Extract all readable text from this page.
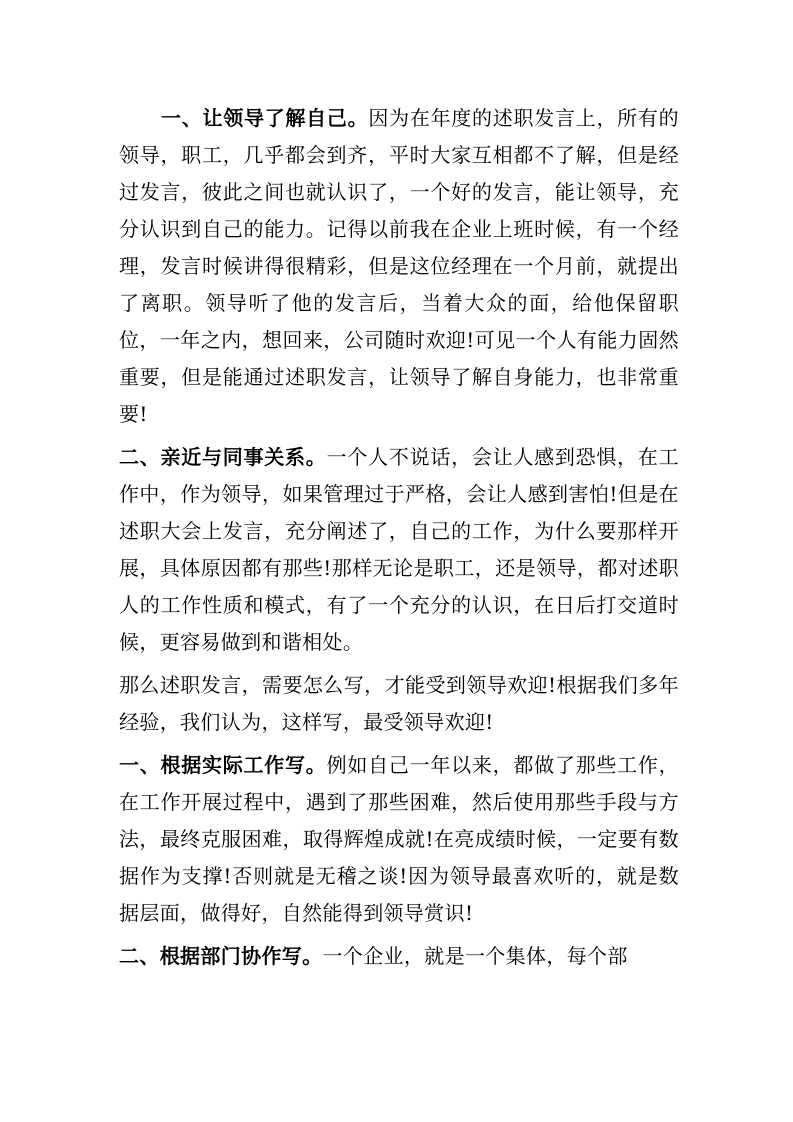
一、让领导了解自己。因为在年度的述职发言上，所有的领导，职工，几乎都会到齐，平时大家互相都不了解，但是经过发言，彼此之间也就认识了，一个好的发言，能让领导，充分认识到自己的能力。记得以前我在企业上班时候，有一个经理，发言时候讲得很精彩，但是这位经理在一个月前，就提出了离职。领导听了他的发言后，当着大众的面，给他保留职位，一年之内，想回来，公司随时欢迎!可见一个人有能力固然重要，但是能通过述职发言，让领导了解自身能力，也非常重要!

二、亲近与同事关系。一个人不说话，会让人感到恐惧，在工作中，作为领导，如果管理过于严格，会让人感到害怕!但是在述职大会上发言，充分阐述了，自己的工作，为什么要那样开展，具体原因都有那些!那样无论是职工，还是领导，都对述职人的工作性质和模式，有了一个充分的认识，在日后打交道时候，更容易做到和谐相处。

那么述职发言，需要怎么写，才能受到领导欢迎!根据我们多年经验，我们认为，这样写，最受领导欢迎!

一、根据实际工作写。例如自己一年以来，都做了那些工作，在工作开展过程中，遇到了那些困难，然后使用那些手段与方法，最终克服困难，取得辉煌成就!在亮成绩时候，一定要有数据作为支撑!否则就是无稽之谈!因为领导最喜欢听的，就是数据层面，做得好，自然能得到领导赏识!

二、根据部门协作写。一个企业，就是一个集体，每个部
